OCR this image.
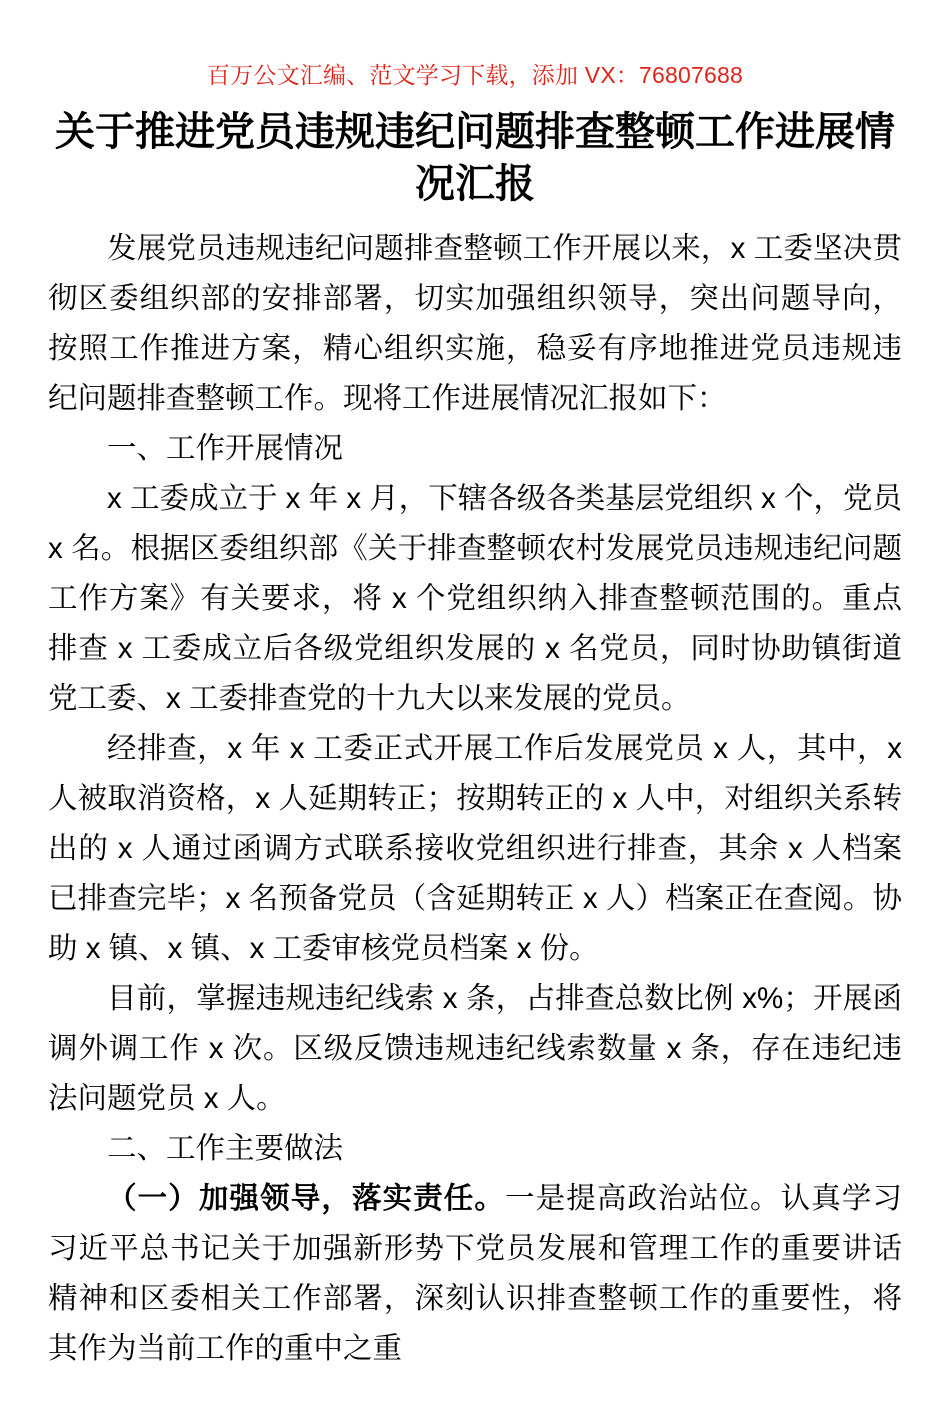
百万公文汇编、范文学习下载，添加 VX：76807688
关于推进党员违规违纪问题排查整顿工作进展情况汇报

发展党员违规违纪问题排查整顿工作开展以来，x 工委坚决贯彻区委组织部的安排部署，切实加强组织领导，突出问题导向，按照工作推进方案，精心组织实施，稳妥有序地推进党员违规违纪问题排查整顿工作。现将工作进展情况汇报如下：

一、工作开展情况

x 工委成立于 x 年 x 月，下辖各级各类基层党组织 x 个，党员 x 名。根据区委组织部《关于排查整顿农村发展党员违规违纪问题工作方案》有关要求，将 x 个党组织纳入排查整顿范围的。重点排查 x 工委成立后各级党组织发展的 x 名党员，同时协助镇街道党工委、x 工委排查党的十九大以来发展的党员。

经排查，x 年 x 工委正式开展工作后发展党员 x 人，其中，x 人被取消资格，x 人延期转正；按期转正的 x 人中，对组织关系转出的 x 人通过函调方式联系接收党组织进行排查，其余 x 人档案已排查完毕；x 名预备党员（含延期转正 x 人）档案正在查阅。协助 x 镇、x 镇、x 工委审核党员档案 x 份。

目前，掌握违规违纪线索 x 条，占排查总数比例 x%；开展函调外调工作 x 次。区级反馈违规违纪线索数量 x 条，存在违纪违法问题党员 x 人。

二、工作主要做法

（一）加强领导，落实责任。一是提高政治站位。认真学习习近平总书记关于加强新形势下党员发展和管理工作的重要讲话精神和区委相关工作部署，深刻认识排查整顿工作的重要性，将其作为当前工作的重中之重
